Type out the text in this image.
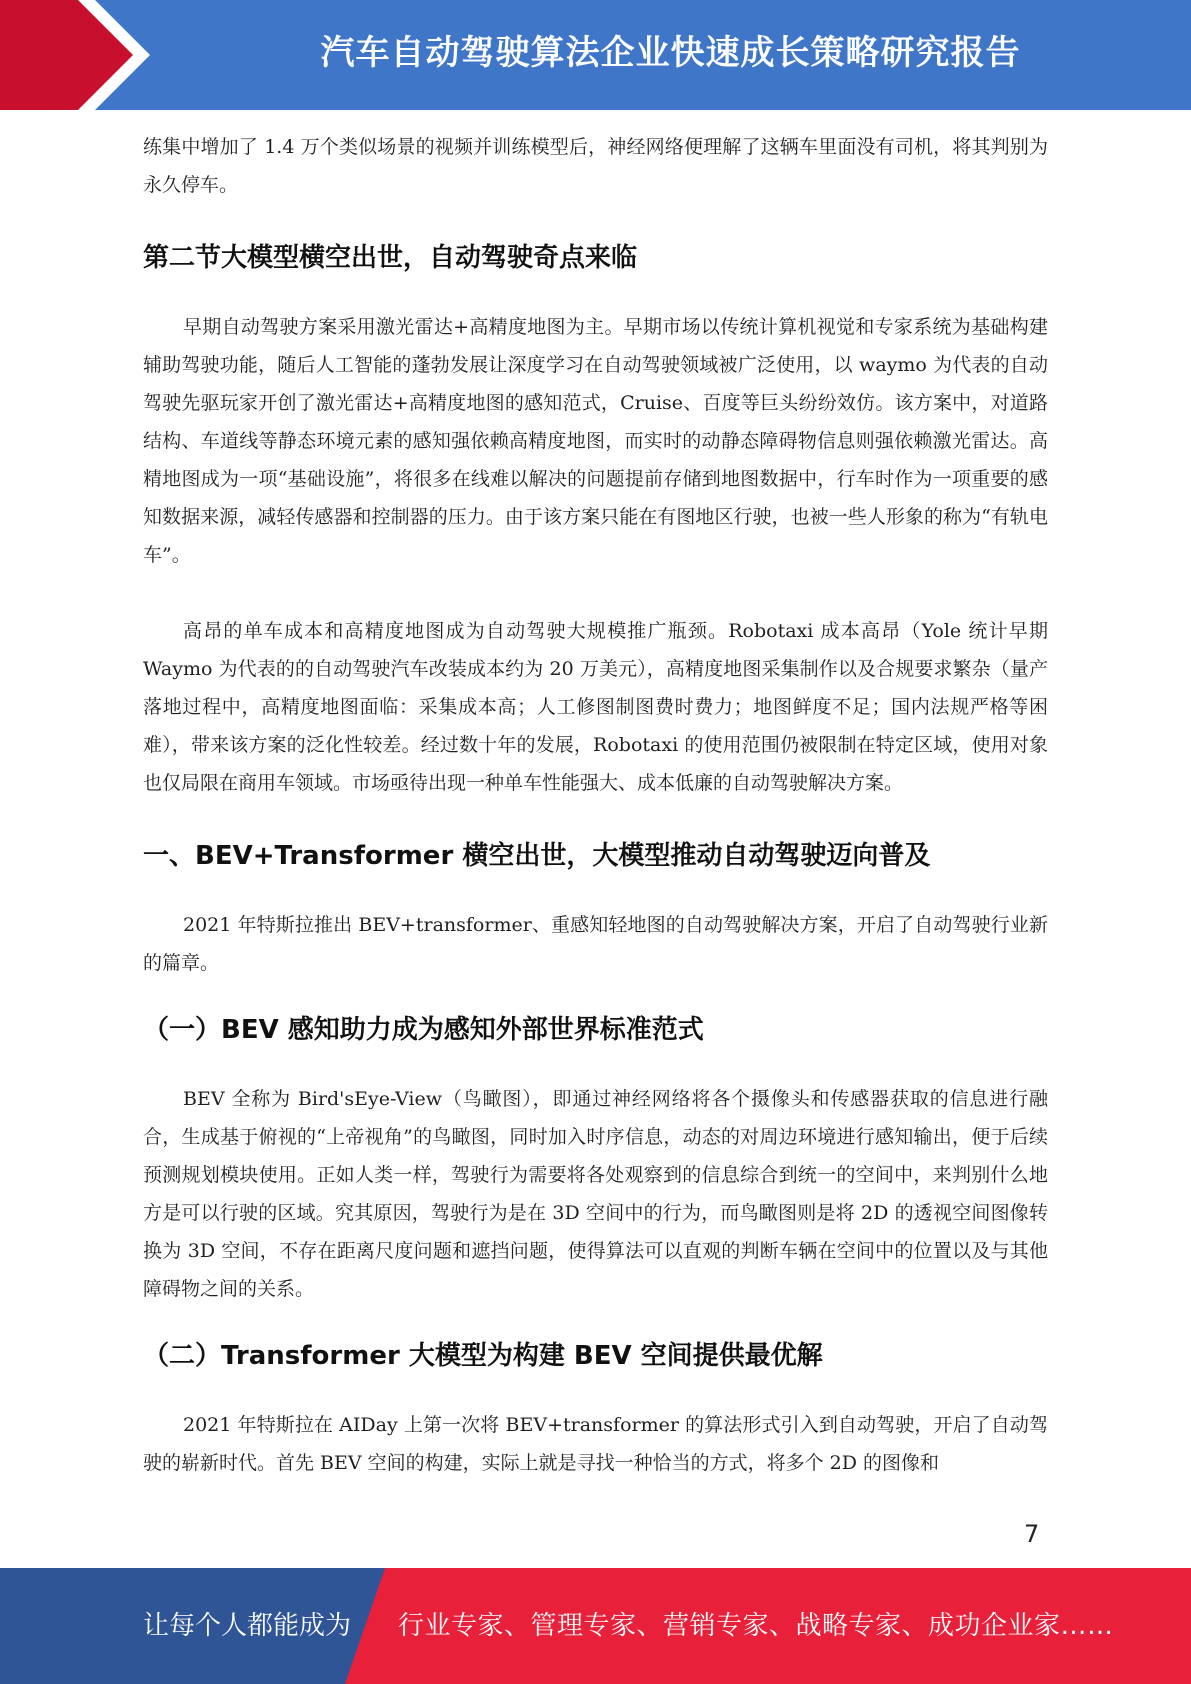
汽车自动驾驶算法企业快速成长策略研究报告

练集中增加了 1.4 万个类似场景的视频并训练模型后，神经网络便理解了这辆车里面没有司机，将其判别为永久停车。

第二节大模型横空出世，自动驾驶奇点来临

早期自动驾驶方案采用激光雷达+高精度地图为主。早期市场以传统计算机视觉和专家系统为基础构建辅助驾驶功能，随后人工智能的蓬勃发展让深度学习在自动驾驶领域被广泛使用，以 waymo 为代表的自动驾驶先驱玩家开创了激光雷达+高精度地图的感知范式，Cruise、百度等巨头纷纷效仿。该方案中，对道路结构、车道线等静态环境元素的感知强依赖高精度地图，而实时的动静态障碍物信息则强依赖激光雷达。高精地图成为一项“基础设施”，将很多在线难以解决的问题提前存储到地图数据中，行车时作为一项重要的感知数据来源，减轻传感器和控制器的压力。由于该方案只能在有图地区行驶，也被一些人形象的称为“有轨电车”。

高昂的单车成本和高精度地图成为自动驾驶大规模推广瓶颈。Robotaxi 成本高昂（Yole 统计早期 Waymo 为代表的的自动驾驶汽车改装成本约为 20 万美元），高精度地图采集制作以及合规要求繁杂（量产落地过程中，高精度地图面临：采集成本高；人工修图制图费时费力；地图鲜度不足；国内法规严格等困难），带来该方案的泛化性较差。经过数十年的发展，Robotaxi 的使用范围仍被限制在特定区域，使用对象也仅局限在商用车领域。市场亟待出现一种单车性能强大、成本低廉的自动驾驶解决方案。

一、BEV+Transformer 横空出世，大模型推动自动驾驶迈向普及

2021 年特斯拉推出 BEV+transformer、重感知轻地图的自动驾驶解决方案，开启了自动驾驶行业新的篇章。

（一）BEV 感知助力成为感知外部世界标准范式

BEV 全称为 Bird'sEye-View（鸟瞰图），即通过神经网络将各个摄像头和传感器获取的信息进行融合，生成基于俯视的“上帝视角”的鸟瞰图，同时加入时序信息，动态的对周边环境进行感知输出，便于后续预测规划模块使用。正如人类一样，驾驶行为需要将各处观察到的信息综合到统一的空间中，来判别什么地方是可以行驶的区域。究其原因，驾驶行为是在 3D 空间中的行为，而鸟瞰图则是将 2D 的透视空间图像转换为 3D 空间，不存在距离尺度问题和遮挡问题，使得算法可以直观的判断车辆在空间中的位置以及与其他障碍物之间的关系。

（二）Transformer 大模型为构建 BEV 空间提供最优解

2021 年特斯拉在 AIDay 上第一次将 BEV+transformer 的算法形式引入到自动驾驶，开启了自动驾驶的崭新时代。首先 BEV 空间的构建，实际上就是寻找一种恰当的方式，将多个 2D 的图像和

7
让每个人都能成为 行业专家、管理专家、营销专家、战略专家、成功企业家……
